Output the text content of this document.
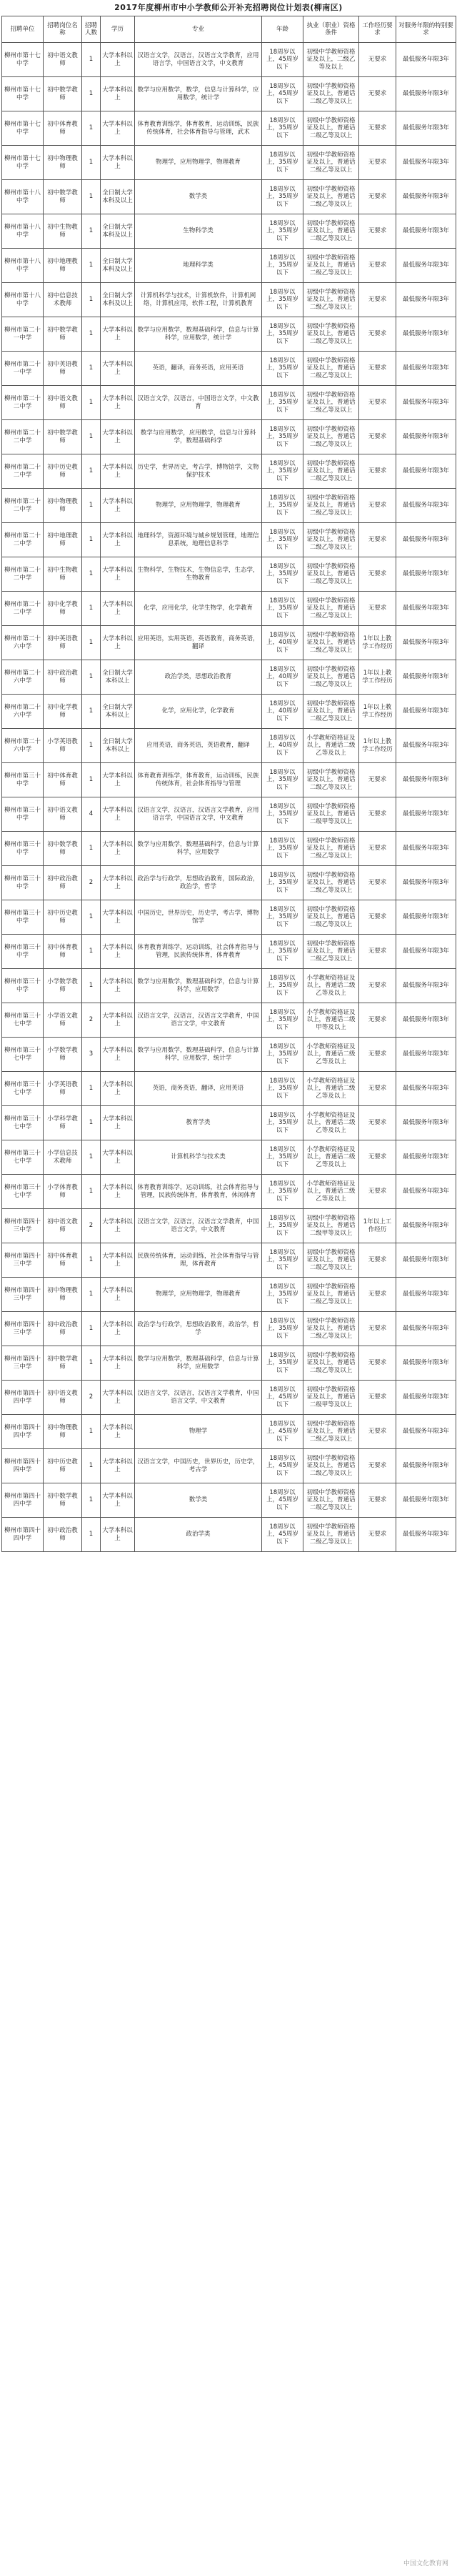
2017年度柳州市中小学教师公开补充招聘岗位计划表(柳南区)
招聘单位	招聘岗位名称	招聘人数	学历	专业	年龄	执业（职业）资格条件	工作经历要求	对服务年限的特别要求
柳州市第十七中学	初中语文教师	1	大学本科以上	汉语言文学，汉语言，汉语言文学教育，应用语言学，中国语言文学，中文教育	18周岁以上，45周岁以下	初级中学教师资格证及以上，二级乙等及以上	无要求	最低服务年限3年
柳州市第十七中学	初中数学教师	1	大学本科以上	数学与应用数学，数学，信息与计算科学，应用数学，统计学	18周岁以上，45周岁以下	初级中学教师资格证及以上，普通话二级乙等及以上	无要求	最低服务年限3年
柳州市第十七中学	初中体育教师	1	大学本科以上	体育教育训练学，体育教育，运动训练，民族传统体育，社会体育指导与管理，武术	18周岁以上，35周岁以下	初级中学教师资格证及以上，普通话二级乙等及以上	无要求	最低服务年限3年
柳州市第十七中学	初中物理教师	1	大学本科以上	物理学，应用物理学，物理教育	18周岁以上，35周岁以下	初级中学教师资格证及以上，普通话二级乙等及以上	无要求	最低服务年限3年
柳州市第十八中学	初中数学教师	1	全日制大学本科及以上	数学类	18周岁以上，35周岁以下	初级中学教师资格证及以上，普通话二级乙等及以上	无要求	最低服务年限3年
柳州市第十八中学	初中生物教师	1	全日制大学本科及以上	生物科学类	18周岁以上，35周岁以下	初级中学教师资格证及以上，普通话二级乙等及以上	无要求	最低服务年限3年
柳州市第十八中学	初中地理教师	1	全日制大学本科及以上	地理科学类	18周岁以上，35周岁以下	初级中学教师资格证及以上，普通话二级乙等及以上	无要求	最低服务年限3年
柳州市第十八中学	初中信息技术教师	1	全日制大学本科及以上	计算机科学与技术，计算机软件，计算机网络，计算机应用，软件工程，计算机教育	18周岁以上，35周岁以下	初级中学教师资格证及以上，普通话二级乙等及以上	无要求	最低服务年限3年
柳州市第二十一中学	初中数学教师	1	大学本科以上	数学与应用数学，数理基础科学，信息与计算科学，应用数学，统计学	18周岁以上，35周岁以下	初级中学教师资格证及以上，普通话二级乙等及以上	无要求	最低服务年限3年
柳州市第二十一中学	初中英语教师	1	大学本科以上	英语，翻译，商务英语，应用英语	18周岁以上，35周岁以下	初级中学教师资格证及以上，普通话二级乙等及以上	无要求	最低服务年限3年
柳州市第二十二中学	初中语文教师	1	大学本科以上	汉语言文学，汉语言，中国语言文学，中文教育	18周岁以上，35周岁以下	初级中学教师资格证及以上，普通话二级乙等及以上	无要求	最低服务年限3年
柳州市第二十二中学	初中数学教师	1	大学本科以上	数学与应用数学，应用数学，信息与计算科学，数理基础科学	18周岁以上，35周岁以下	初级中学教师资格证及以上，普通话二级乙等及以上	无要求	最低服务年限3年
柳州市第二十二中学	初中历史教师	1	大学本科以上	历史学，世界历史，考古学，博物馆学，文物保护技术	18周岁以上，35周岁以下	初级中学教师资格证及以上，普通话二级乙等及以上	无要求	最低服务年限3年
柳州市第二十二中学	初中物理教师	1	大学本科以上	物理学，应用物理学，物理教育	18周岁以上，35周岁以下	初级中学教师资格证及以上，普通话二级乙等及以上	无要求	最低服务年限3年
柳州市第二十二中学	初中地理教师	1	大学本科以上	地理科学，资源环境与城乡规划管理，地理信息系统，地理信息科学	18周岁以上，35周岁以下	初级中学教师资格证及以上，普通话二级乙等及以上	无要求	最低服务年限3年
柳州市第二十二中学	初中生物教师	1	大学本科以上	生物科学，生物技术，生物信息学，生态学，生物教育	18周岁以上，35周岁以下	初级中学教师资格证及以上，普通话二级乙等及以上	无要求	最低服务年限3年
柳州市第二十二中学	初中化学教师	1	大学本科以上	化学，应用化学，化学生物学，化学教育	18周岁以上，35周岁以下	初级中学教师资格证及以上，普通话二级乙等及以上	无要求	最低服务年限3年
柳州市第二十六中学	初中英语教师	1	大学本科以上	应用英语，实用英语，英语教育，商务英语，翻译	18周岁以上，40周岁以下	初级中学教师资格证及以上，普通话二级乙等及以上	1年以上教学工作经历	最低服务年限3年
柳州市第二十六中学	初中政治教师	1	全日制大学本科以上	政治学类，思想政治教育	18周岁以上，40周岁以下	初级中学教师资格证及以上，普通话二级乙等及以上	1年以上教学工作经历	最低服务年限3年
柳州市第二十六中学	初中化学教师	1	全日制大学本科以上	化学，应用化学，化学教育	18周岁以上，40周岁以下	初级中学教师资格证及以上，普通话二级乙等及以上	1年以上教学工作经历	最低服务年限3年
柳州市第二十六中学	小学英语教师	1	全日制大学本科以上	应用英语，商务英语，英语教育，翻译	18周岁以上，40周岁以下	小学教师资格证及以上，普通话二级乙等及以上	1年以上教学工作经历	最低服务年限3年
柳州市第三十中学	初中体育教师	1	大学本科以上	体育教育训练学，体育教育，运动训练，民族传统体育，社会体育指导与管理	18周岁以上，35周岁以下	初级中学教师资格证及以上，普通话二级乙等及以上	无要求	最低服务年限3年
柳州市第三十中学	初中语文教师	4	大学本科以上	汉语言文学，汉语言，汉语言文学教育，应用语言学，中国语言文学，中文教育	18周岁以上，35周岁以下	初级中学教师资格证及以上，普通话二级甲等及以上	无要求	最低服务年限3年
柳州市第三十中学	初中数学教师	1	大学本科以上	数学与应用数学，数理基础科学，信息与计算科学，应用数学	18周岁以上，35周岁以下	初级中学教师资格证及以上，普通话二级乙等及以上	无要求	最低服务年限3年
柳州市第三十中学	初中政治教师	2	大学本科以上	政治学与行政学，思想政治教育，国际政治，政治学，哲学	18周岁以上，35周岁以下	初级中学教师资格证及以上，普通话二级乙等及以上	无要求	最低服务年限3年
柳州市第三十中学	初中历史教师	1	大学本科以上	中国历史，世界历史，历史学，考古学，博物馆学	18周岁以上，35周岁以下	初级中学教师资格证及以上，普通话二级乙等及以上	无要求	最低服务年限3年
柳州市第三十中学	初中体育教师	1	大学本科以上	体育教育训练学，运动训练，社会体育指导与管理，民族传统体育，体育教育	18周岁以上，35周岁以下	初级中学教师资格证及以上，普通话二级乙等及以上	无要求	最低服务年限3年
柳州市第三十中学	小学数学教师	1	大学本科以上	数学与应用数学，数理基础科学，信息与计算科学，应用数学	18周岁以上，35周岁以下	小学教师资格证及以上，普通话二级乙等及以上	无要求	最低服务年限3年
柳州市第三十七中学	小学语文教师	2	大学本科以上	汉语言文学，汉语言，汉语言文学教育，中国语言文学，中文教育	18周岁以上，35周岁以下	小学教师资格证及以上，普通话二级甲等及以上	无要求	最低服务年限3年
柳州市第三十七中学	小学数学教师	3	大学本科以上	数学与应用数学，数理基础科学，信息与计算科学，应用数学，统计学	18周岁以上，35周岁以下	小学教师资格证及以上，普通话二级乙等及以上	无要求	最低服务年限3年
柳州市第三十七中学	小学英语教师	1	大学本科以上	英语，商务英语，翻译，应用英语	18周岁以上，35周岁以下	小学教师资格证及以上，普通话二级乙等及以上	无要求	最低服务年限3年
柳州市第三十七中学	小学科学教师	1	大学本科以上	教育学类	18周岁以上，35周岁以下	小学教师资格证及以上，普通话二级乙等及以上	无要求	最低服务年限3年
柳州市第三十七中学	小学信息技术教师	1	大学本科以上	计算机科学与技术类	18周岁以上，35周岁以下	小学教师资格证及以上，普通话二级乙等及以上	无要求	最低服务年限3年
柳州市第三十七中学	小学体育教师	1	大学本科以上	体育教育训练学，运动训练，社会体育指导与管理，民族传统体育，体育教育，休闲体育	18周岁以上，35周岁以下	小学教师资格证及以上，普通话二级乙等及以上	无要求	最低服务年限3年
柳州市第四十三中学	初中语文教师	2	大学本科以上	汉语言文学，汉语言，汉语言文学教育，中国语言文学，中文教育	18周岁以上，35周岁以下	初级中学教师资格证及以上，普通话二级甲等及以上	1年以上工作经历	最低服务年限3年
柳州市第四十三中学	初中体育教师	1	大学本科以上	民族传统体育，运动训练，社会体育指导与管理，体育教育	18周岁以上，35周岁以下	初级中学教师资格证及以上，普通话二级乙等及以上	无要求	最低服务年限3年
柳州市第四十三中学	初中物理教师	1	大学本科以上	物理学，应用物理学，物理教育	18周岁以上，35周岁以下	初级中学教师资格证及以上，普通话二级乙等及以上	无要求	最低服务年限3年
柳州市第四十三中学	初中政治教师	1	大学本科以上	政治学与行政学，思想政治教育，政治学，哲学	18周岁以上，35周岁以下	初级中学教师资格证及以上，普通话二级乙等及以上	无要求	最低服务年限3年
柳州市第四十三中学	初中数学教师	1	大学本科以上	数学与应用数学，数理基础科学，信息与计算科学，应用数学	18周岁以上，35周岁以下	初级中学教师资格证及以上，普通话二级乙等及以上	无要求	最低服务年限3年
柳州市第四十四中学	初中语文教师	2	大学本科以上	汉语言文学，汉语言，汉语言文学教育，中国语言文学，中文教育	18周岁以上，45周岁以下	初级中学教师资格证及以上，普通话二级甲等及以上	无要求	最低服务年限3年
柳州市第四十四中学	初中物理教师	1	大学本科以上	物理学	18周岁以上，45周岁以下	初级中学教师资格证及以上，普通话二级乙等及以上	无要求	最低服务年限3年
柳州市第四十四中学	初中历史教师	1	大学本科以上	汉语言文学，中国历史，世界历史，历史学，考古学	18周岁以上，45周岁以下	初级中学教师资格证及以上，普通话二级乙等及以上	无要求	最低服务年限3年
柳州市第四十四中学	初中数学教师	1	大学本科以上	数学类	18周岁以上，45周岁以下	初级中学教师资格证及以上，普通话二级乙等及以上	无要求	最低服务年限3年
柳州市第四十四中学	初中政治教师	1	大学本科以上	政治学类	18周岁以上，45周岁以下	初级中学教师资格证及以上，普通话二级乙等及以上	无要求	最低服务年限3年
中国文化教育网
